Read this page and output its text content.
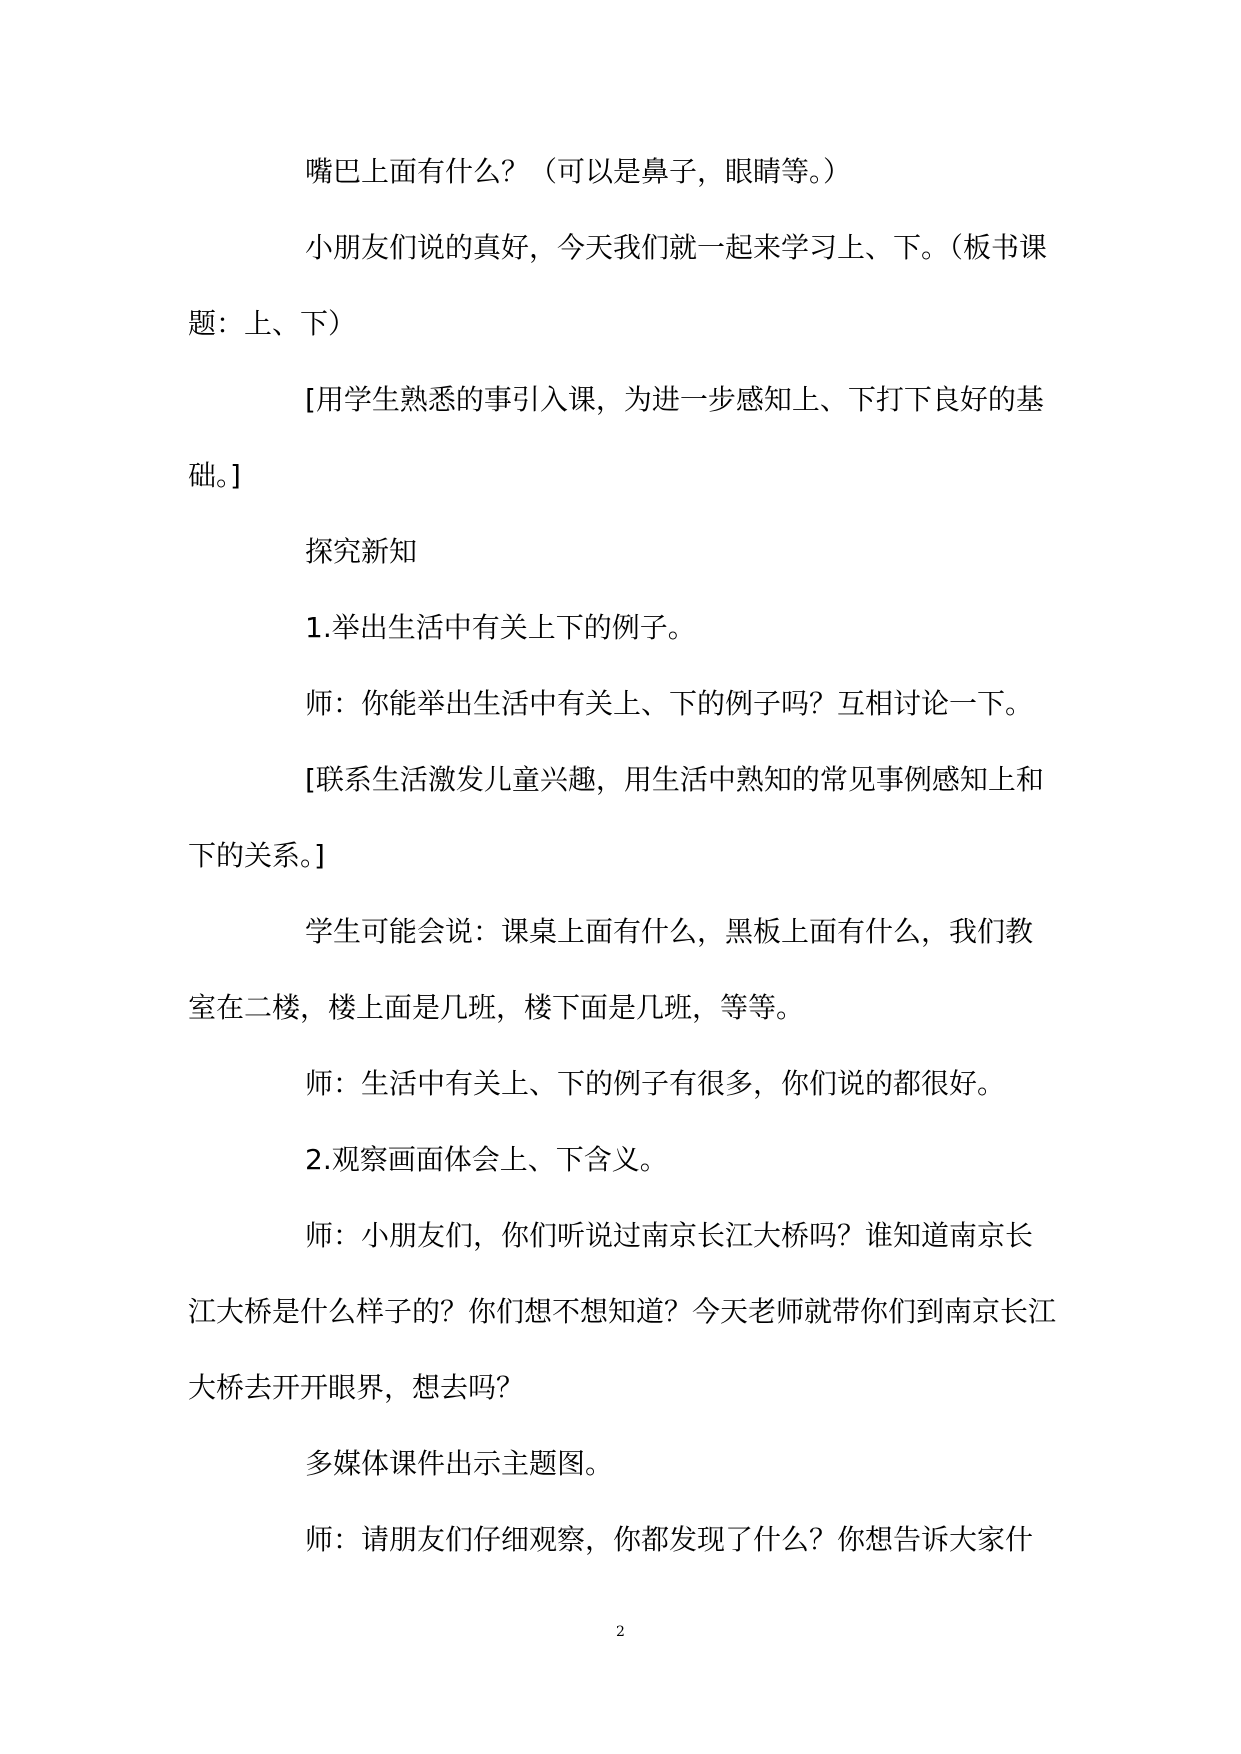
嘴巴上面有什么？（可以是鼻子，眼睛等。）

小朋友们说的真好，今天我们就一起来学习上、下。（板书课题：上、下）

[用学生熟悉的事引入课，为进一步感知上、下打下良好的基础。]

探究新知

1.举出生活中有关上下的例子。

师：你能举出生活中有关上、下的例子吗？互相讨论一下。

[联系生活激发儿童兴趣，用生活中熟知的常见事例感知上和下的关系。]

学生可能会说：课桌上面有什么，黑板上面有什么，我们教室在二楼，楼上面是几班，楼下面是几班，等等。

师：生活中有关上、下的例子有很多，你们说的都很好。

2.观察画面体会上、下含义。

师：小朋友们，你们听说过南京长江大桥吗？谁知道南京长江大桥是什么样子的？你们想不想知道？今天老师就带你们到南京长江大桥去开开眼界，想去吗？

多媒体课件出示主题图。

师：请朋友们仔细观察，你都发现了什么？你想告诉大家什

2
